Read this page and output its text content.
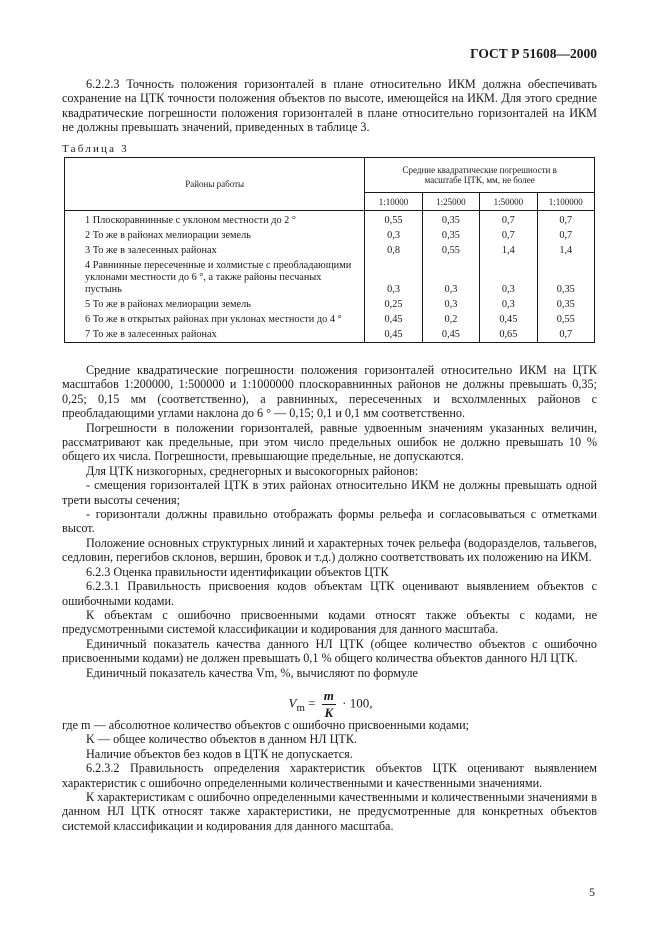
ГОСТ Р 51608—2000

6.2.2.3 Точность положения горизонталей в плане относительно ИКМ должна обеспечивать сохранение на ЦТК точности положения объектов по высоте, имеющейся на ИКМ. Для этого средние квадратические погрешности положения горизонталей в плане относительно горизонталей на ИКМ не должны превышать значений, приведенных в таблице 3.

Таблица 3
Районы работы	Средние квадратические погрешности в масштабе ЦТК, мм, не более			
	1:10000	1:25000	1:50000	1:100000
1 Плоскоравнинные с уклоном местности до 2 °	0,55	0,35	0,7	0,7
2 То же в районах мелиорации земель	0,3	0,35	0,7	0,7
3 То же в залесенных районах	0,8	0,55	1,4	1,4
4 Равнинные пересеченные и холмистые с преобладающими уклонами местности до 6 °, а также районы песчаных пустынь	0,3	0,3	0,3	0,35
5 То же в районах мелиорации земель	0,25	0,3	0,3	0,35
6 То же в открытых районах при уклонах местности до 4 °	0,45	0,2	0,45	0,55
7 То же в залесенных районах	0,45	0,45	0,65	0,7

Средние квадратические погрешности положения горизонталей относительно ИКМ на ЦТК масштабов 1:200000, 1:500000 и 1:1000000 плоскоравнинных районов не должны превышать 0,35; 0,25; 0,15 мм (соответственно), а равнинных, пересеченных и всхолмленных районов с преобладающими углами наклона до 6 ° — 0,15; 0,1 и 0,1 мм соответственно.

Погрешности в положении горизонталей, равные удвоенным значениям указанных величин, рассматривают как предельные, при этом число предельных ошибок не должно превышать 10 % общего их числа. Погрешности, превышающие предельные, не допускаются.

Для ЦТК низкогорных, среднегорных и высокогорных районов:

- смещения горизонталей ЦТК в этих районах относительно ИКМ не должны превышать одной трети высоты сечения;

- горизонтали должны правильно отображать формы рельефа и согласовываться с отметками высот.

Положение основных структурных линий и характерных точек рельефа (водоразделов, тальвегов, седловин, перегибов склонов, вершин, бровок и т.д.) должно соответствовать их положению на ИКМ.

6.2.3 Оценка правильности идентификации объектов ЦТК

6.2.3.1 Правильность присвоения кодов объектам ЦТК оценивают выявлением объектов с ошибочными кодами.

К объектам с ошибочно присвоенными кодами относят также объекты с кодами, не предусмотренными системой классификации и кодирования для данного масштаба.

Единичный показатель качества данного НЛ ЦТК (общее количество объектов с ошибочно присвоенными кодами) не должен превышать 0,1 % общего количества объектов данного НЛ ЦТК.

Единичный показатель качества Vm, %, вычисляют по формуле

$V_m = \frac{m}{K} \cdot 100$,

где m — абсолютное количество объектов с ошибочно присвоенными кодами;

K — общее количество объектов в данном НЛ ЦТК.

Наличие объектов без кодов в ЦТК не допускается.

6.2.3.2 Правильность определения характеристик объектов ЦТК оценивают выявлением характеристик с ошибочно определенными количественными и качественными значениями.

К характеристикам с ошибочно определенными качественными и количественными значениями в данном НЛ ЦТК относят также характеристики, не предусмотренные для конкретных объектов системой классификации и кодирования для данного масштаба.

5
